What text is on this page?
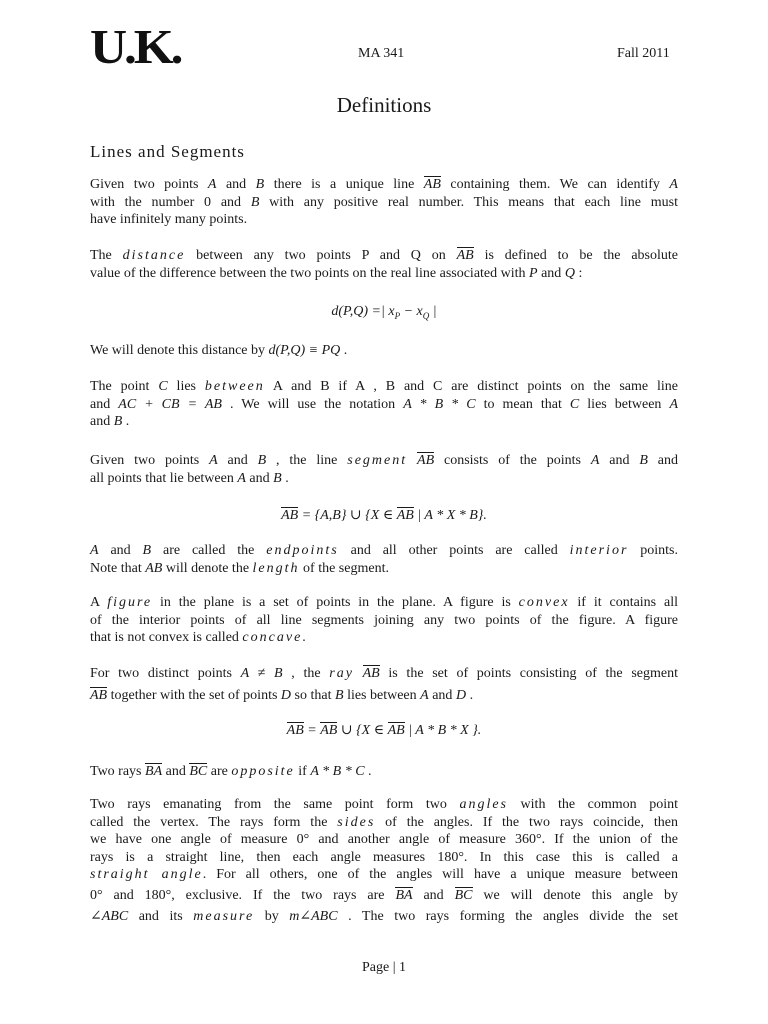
U.K.	MA 341	Fall 2011
Definitions
Lines and Segments
Given two points A and B there is a unique line AB containing them. We can identify A
with the number 0 and B with any positive real number. This means that each line must
have infinitely many points.
The distance between any two points P and Q on AB is defined to be the absolute
value of the difference between the two points on the real line associated with P and Q :
d(P,Q) =| $x_P - x_Q$ |
We will denote this distance by d(P,Q) ≡ PQ .
The point C lies between A and B if A , B and C are distinct points on the same line
and AC + CB = AB . We will use the notation A * B * C to mean that C lies between A
and B .
Given two points A and B , the line segment AB consists of the points A and B and
all points that lie between A and B .
AB = {A,B} ∪ {X ∈ AB | A * X * B}.
A and B are called the endpoints and all other points are called interior points.
Note that AB will denote the length of the segment.
A figure in the plane is a set of points in the plane. A figure is convex if it contains all
of the interior points of all line segments joining any two points of the figure. A figure
that is not convex is called concave.
For two distinct points A ≠ B , the ray AB is the set of points consisting of the segment
AB together with the set of points D so that B lies between A and D .
AB = AB ∪ {X ∈ AB | A * B * X }.
Two rays BA and BC are opposite if A * B * C .
Two rays emanating from the same point form two angles with the common point
called the vertex. The rays form the sides of the angles. If the two rays coincide, then
we have one angle of measure 0° and another angle of measure 360°. If the union of the
rays is a straight line, then each angle measures 180°. In this case this is called a
straight angle. For all others, one of the angles will have a unique measure between
0° and 180°, exclusive. If the two rays are BA and BC we will denote this angle by
∠ABC and its measure by m∠ABC . The two rays forming the angles divide the set
Page | 1
